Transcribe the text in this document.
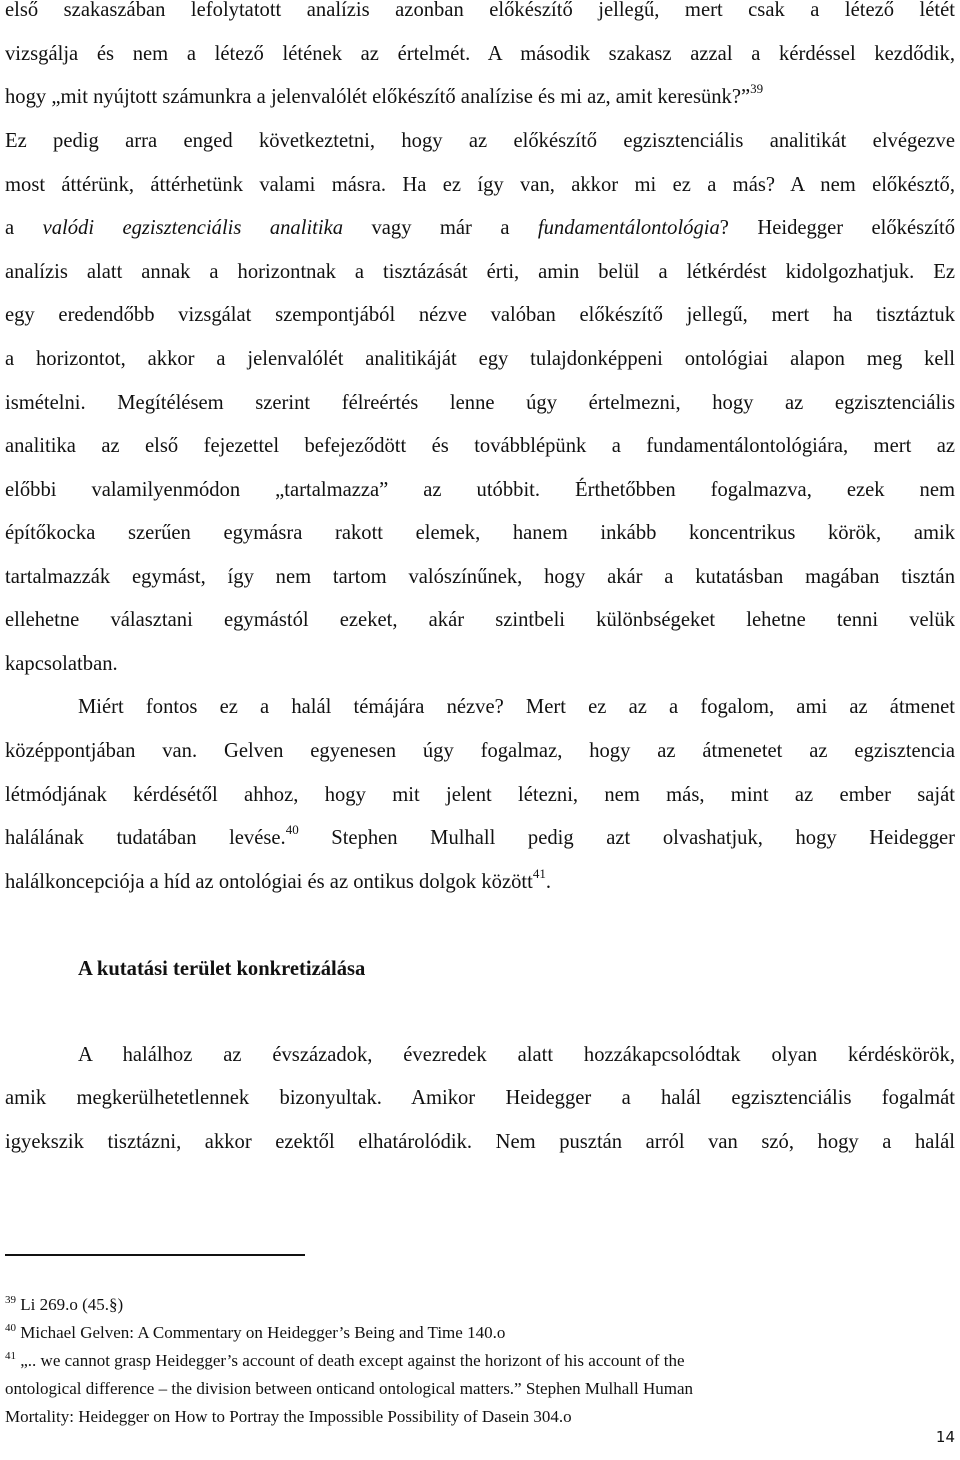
első szakaszában lefolytatott analízis azonban előkészítő jellegű, mert csak a létező létét
vizsgálja és nem a létező létének az értelmét. A második szakasz azzal a kérdéssel kezdődik,
hogy „mit nyújtott számunkra a jelenvalólét előkészítő analízise és mi az, amit keresünk?”$^{39}$
Ez pedig arra enged következtetni, hogy az előkészítő egzisztenciális analitikát elvégezve
most áttérünk, áttérhetünk valami másra. Ha ez így van, akkor mi ez a más? A nem előkésztő,
a valódi egzisztenciális analitika vagy már a fundamentálontológia? Heidegger előkészítő
analízis alatt annak a horizontnak a tisztázását érti, amin belül a létkérdést kidolgozhatjuk. Ez
egy eredendőbb vizsgálat szempontjából nézve valóban előkészítő jellegű, mert ha tisztáztuk
a horizontot, akkor a jelenvalólét analitikáját egy tulajdonképpeni ontológiai alapon meg kell
ismételni. Megítélésem szerint félreértés lenne úgy értelmezni, hogy az egzisztenciális
analitika az első fejezettel befejeződött és továbblépünk a fundamentálontológiára, mert az
előbbi valamilyenmódon „tartalmazza” az utóbbit. Érthetőbben fogalmazva, ezek nem
építőkocka szerűen egymásra rakott elemek, hanem inkább koncentrikus körök, amik
tartalmazzák egymást, így nem tartom valószínűnek, hogy akár a kutatásban magában tisztán
ellehetne választani egymástól ezeket, akár szintbeli különbségeket lehetne tenni velük
kapcsolatban.
Miért fontos ez a halál témájára nézve? Mert ez az a fogalom, ami az átmenet
középpontjában van. Gelven egyenesen úgy fogalmaz, hogy az átmenetet az egzisztencia
létmódjának kérdésétől ahhoz, hogy mit jelent létezni, nem más, mint az ember saját
halálának tudatában levése.$^{40}$ Stephen Mulhall pedig azt olvashatjuk, hogy Heidegger
halálkoncepciója a híd az ontológiai és az ontikus dolgok között$^{41}$.
A kutatási terület konkretizálása
A halálhoz az évszázadok, évezredek alatt hozzákapcsolódtak olyan kérdéskörök,
amik megkerülhetetlennek bizonyultak. Amikor Heidegger a halál egzisztenciális fogalmát
igyekszik tisztázni, akkor ezektől elhatárolódik. Nem pusztán arról van szó, hogy a halál
$^{39}$ Li 269.o (45.§)
$^{40}$ Michael Gelven: A Commentary on Heidegger’s Being and Time 140.o
$^{41}$ „.. we cannot grasp Heidegger’s account of death except against the horizont of his account of the
ontological difference – the division between onticand ontological matters.” Stephen Mulhall Human
Mortality: Heidegger on How to Portray the Impossible Possibility of Dasein 304.o
14
